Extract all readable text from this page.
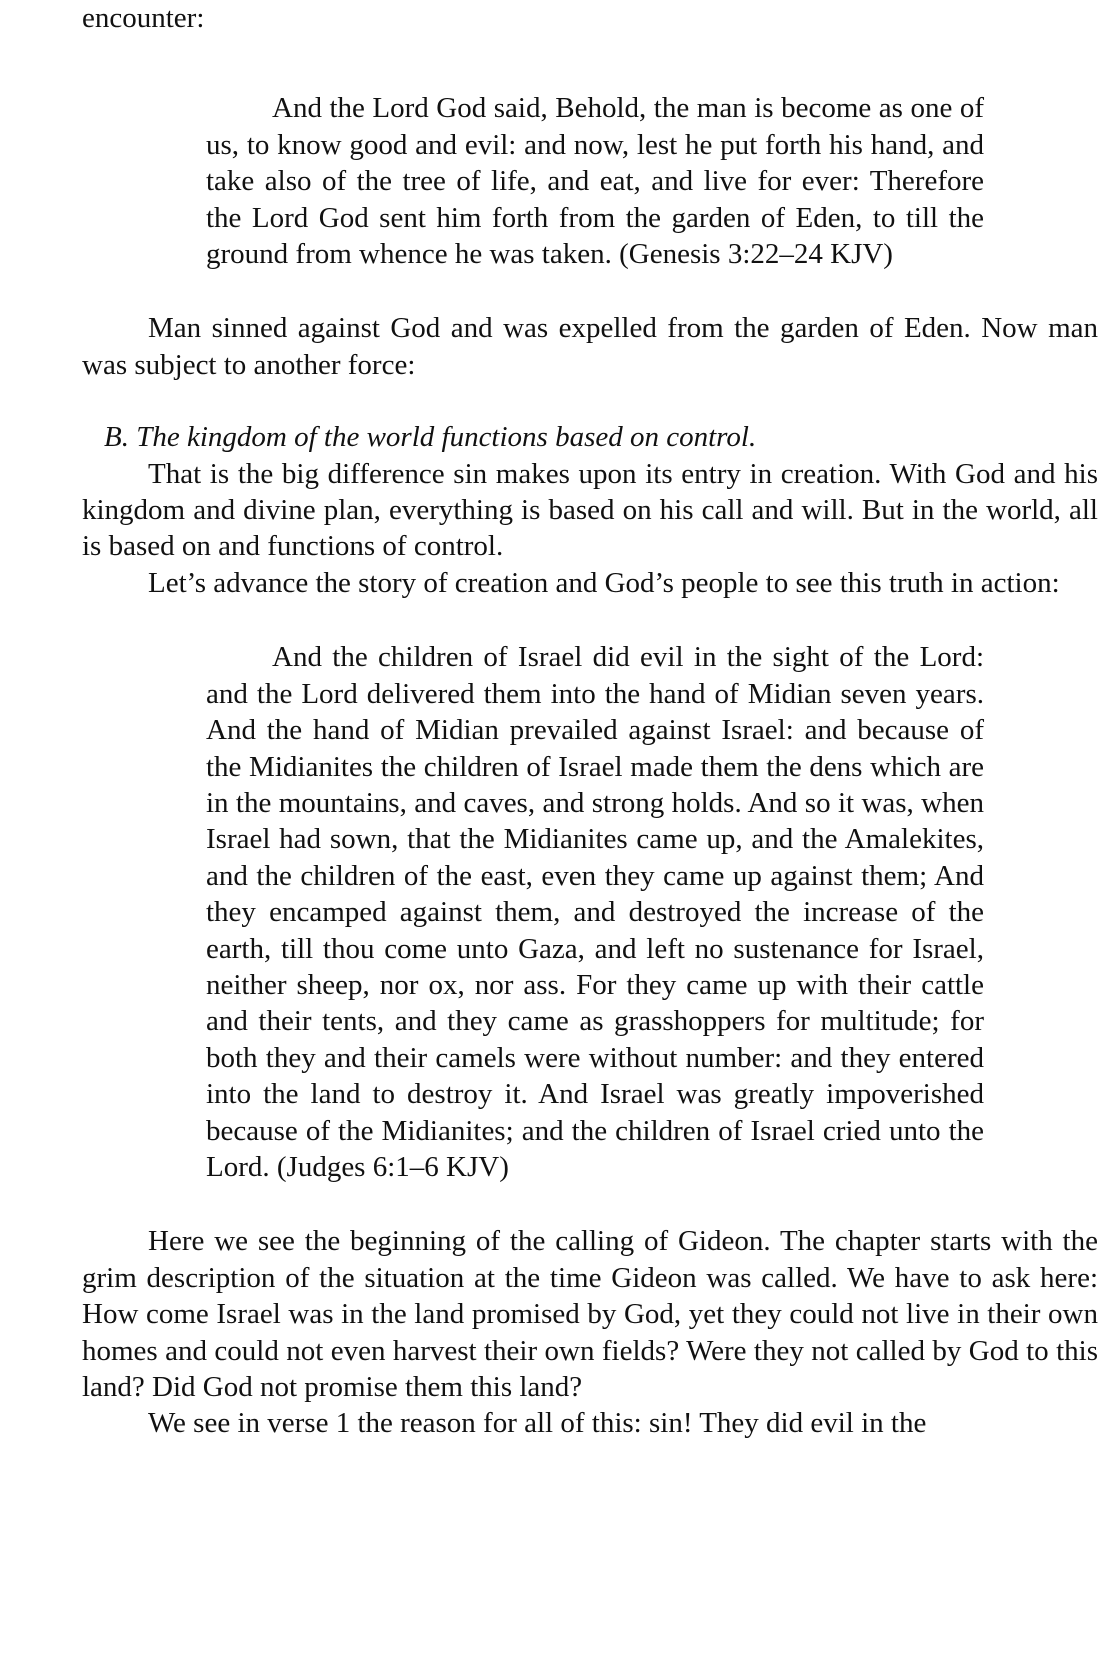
encounter:

And the Lord God said, Behold, the man is become as one of us, to know good and evil: and now, lest he put forth his hand, and take also of the tree of life, and eat, and live for ever: Therefore the Lord God sent him forth from the garden of Eden, to till the ground from whence he was taken. (Genesis 3:22–24 KJV)

Man sinned against God and was expelled from the garden of Eden. Now man was subject to another force:

B. The kingdom of the world functions based on control.

That is the big difference sin makes upon its entry in creation. With God and his kingdom and divine plan, everything is based on his call and will. But in the world, all is based on and functions of control.

Let’s advance the story of creation and God’s people to see this truth in action:

And the children of Israel did evil in the sight of the Lord: and the Lord delivered them into the hand of Midian seven years. And the hand of Midian prevailed against Israel: and because of the Midianites the children of Israel made them the dens which are in the mountains, and caves, and strong holds. And so it was, when Israel had sown, that the Midianites came up, and the Amalekites, and the children of the east, even they came up against them; And they encamped against them, and destroyed the increase of the earth, till thou come unto Gaza, and left no sustenance for Israel, neither sheep, nor ox, nor ass. For they came up with their cattle and their tents, and they came as grasshoppers for multitude; for both they and their camels were without number: and they entered into the land to destroy it. And Israel was greatly impoverished because of the Midianites; and the children of Israel cried unto the Lord. (Judges 6:1–6 KJV)

Here we see the beginning of the calling of Gideon. The chapter starts with the grim description of the situation at the time Gideon was called. We have to ask here: How come Israel was in the land promised by God, yet they could not live in their own homes and could not even harvest their own fields? Were they not called by God to this land? Did God not promise them this land?

We see in verse 1 the reason for all of this: sin! They did evil in the
